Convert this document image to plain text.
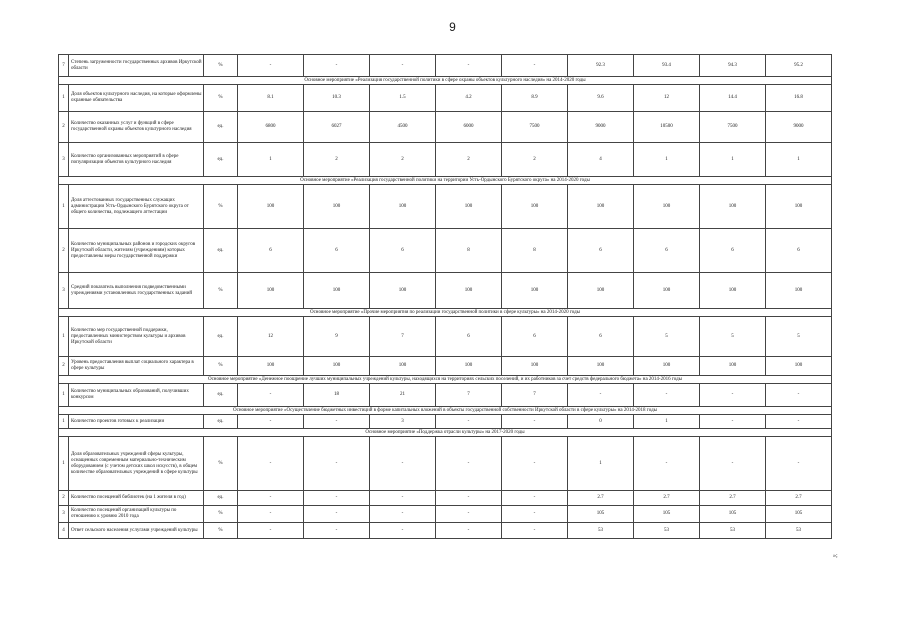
9
7	Степень загруженности государственных архивов Иркутской области	%	-	-	-	-	-	92.3	93.4	94.3	95.2
Основное мероприятие «Реализация государственной политики в сфере охраны объектов культурного наследия» на 2014-2020 годы											
1	Доля объектов культурного наследия, на которые оформлены охранные обязательства	%	8.1	10.3	1.5	4.2	8.9	9.6	12	14.4	16.8
2	Количество оказанных услуг и функций в сфере государственной охраны объектов культурного наследия	ед.	6800	6027	4500	6000	7500	9000	10500	7500	9000
3	Количество организованных мероприятий в сфере популяризации объектов культурного наследия	ед.	1	2	2	2	2	4	1	1	1
Основное мероприятие «Реализация государственной политики на территории Усть-Ордынского Бурятского округа» на 2014-2020 годы											
1	Доля аттестованных государственных служащих администрации Усть-Ордынского Бурятского округа от общего количества, подлежащего аттестации	%	100	100	100	100	100	100	100	100	100
2	Количество муниципальных районов и городских округов Иркутской области, жителям (учреждениям) которых предоставлены меры государственной поддержки	ед.	6	6	6	8	8	6	6	6	6
3	Средний показатель выполнения подведомственными учреждениями установленных государственных заданий	%	100	100	100	100	100	100	100	100	100
Основное мероприятие «Прочие мероприятия по реализации государственной политики в сфере культуры» на 2014-2020 годы											
1	Количество мер государственной поддержки, предоставленных министерством культуры и архивов Иркутской области	ед.	12	9	7	6	6	6	5	5	5
2	Уровень предоставления выплат социального характера в сфере культуры	%	100	100	100	100	100	100	100	100	100
Основное мероприятие «Денежное поощрение лучших муниципальных учреждений культуры, находящихся на территориях сельских поселений, и их работников за счет средств федерального бюджета» на 2014-2016 годы											
1	Количество муниципальных образований, получивших конкурсом	ед.	-	18	21	7	7	-	-	-	-
Основное мероприятие «Осуществление бюджетных инвестиций в форме капитальных вложений в объекты государственной собственности Иркутской области в сфере культуры» на 2014-2018 годы											
1	Количество проектов готовых к реализации	ед.	-	-	3	-	-	0	1	-	-
Основное мероприятие «Поддержка отрасли культуры» на 2017-2020 годы											
1	Доля образовательных учреждений сферы культуры, оснащенных современным материально-техническим оборудованием (с учетом детских школ искусств), в общем количестве образовательных учреждений в сфере культуры	%	-	-	-	-	-	1	-	-	-
2	Количество посещений библиотек (на 1 жителя в год)	ед.	-	-	-	-	-	2.7	2.7	2.7	2.7
3	Количество посещений организаций культуры по отношению к уровню 2010 года	%	-	-	-	-	-	105	105	105	105
4	Ответ сельского населения услугами учреждений культуры	%	-	-	-	-	-	53	53	53	53
»;
